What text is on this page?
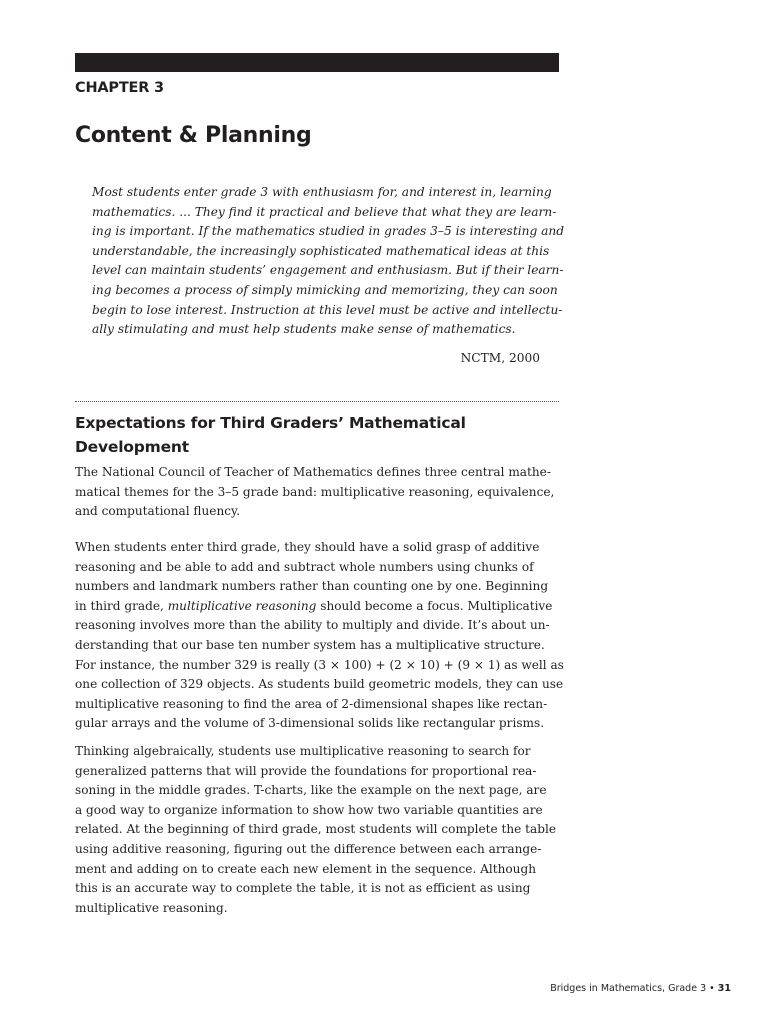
CHAPTER 3
Content & Planning
Most students enter grade 3 with enthusiasm for, and interest in, learning
mathematics. ... They find it practical and believe that what they are learn-
ing is important. If the mathematics studied in grades 3–5 is interesting and
understandable, the increasingly sophisticated mathematical ideas at this
level can maintain students’ engagement and enthusiasm. But if their learn-
ing becomes a process of simply mimicking and memorizing, they can soon
begin to lose interest. Instruction at this level must be active and intellectu-
ally stimulating and must help students make sense of mathematics.
NCTM, 2000
Expectations for Third Graders’ Mathematical
Development
The National Council of Teacher of Mathematics defines three central mathe-
matical themes for the 3–5 grade band: multiplicative reasoning, equivalence,
and computational fluency.
When students enter third grade, they should have a solid grasp of additive
reasoning and be able to add and subtract whole numbers using chunks of
numbers and landmark numbers rather than counting one by one. Beginning
in third grade, multiplicative reasoning should become a focus. Multiplicative
reasoning involves more than the ability to multiply and divide. It’s about un-
derstanding that our base ten number system has a multiplicative structure.
For instance, the number 329 is really (3 × 100) + (2 × 10) + (9 × 1) as well as
one collection of 329 objects. As students build geometric models, they can use
multiplicative reasoning to find the area of 2-dimensional shapes like rectan-
gular arrays and the volume of 3-dimensional solids like rectangular prisms.
Thinking algebraically, students use multiplicative reasoning to search for
generalized patterns that will provide the foundations for proportional rea-
soning in the middle grades. T-charts, like the example on the next page, are
a good way to organize information to show how two variable quantities are
related. At the beginning of third grade, most students will complete the table
using additive reasoning, figuring out the difference between each arrange-
ment and adding on to create each new element in the sequence. Although
this is an accurate way to complete the table, it is not as efficient as using
multiplicative reasoning.
Bridges in Mathematics, Grade 3 • 31
